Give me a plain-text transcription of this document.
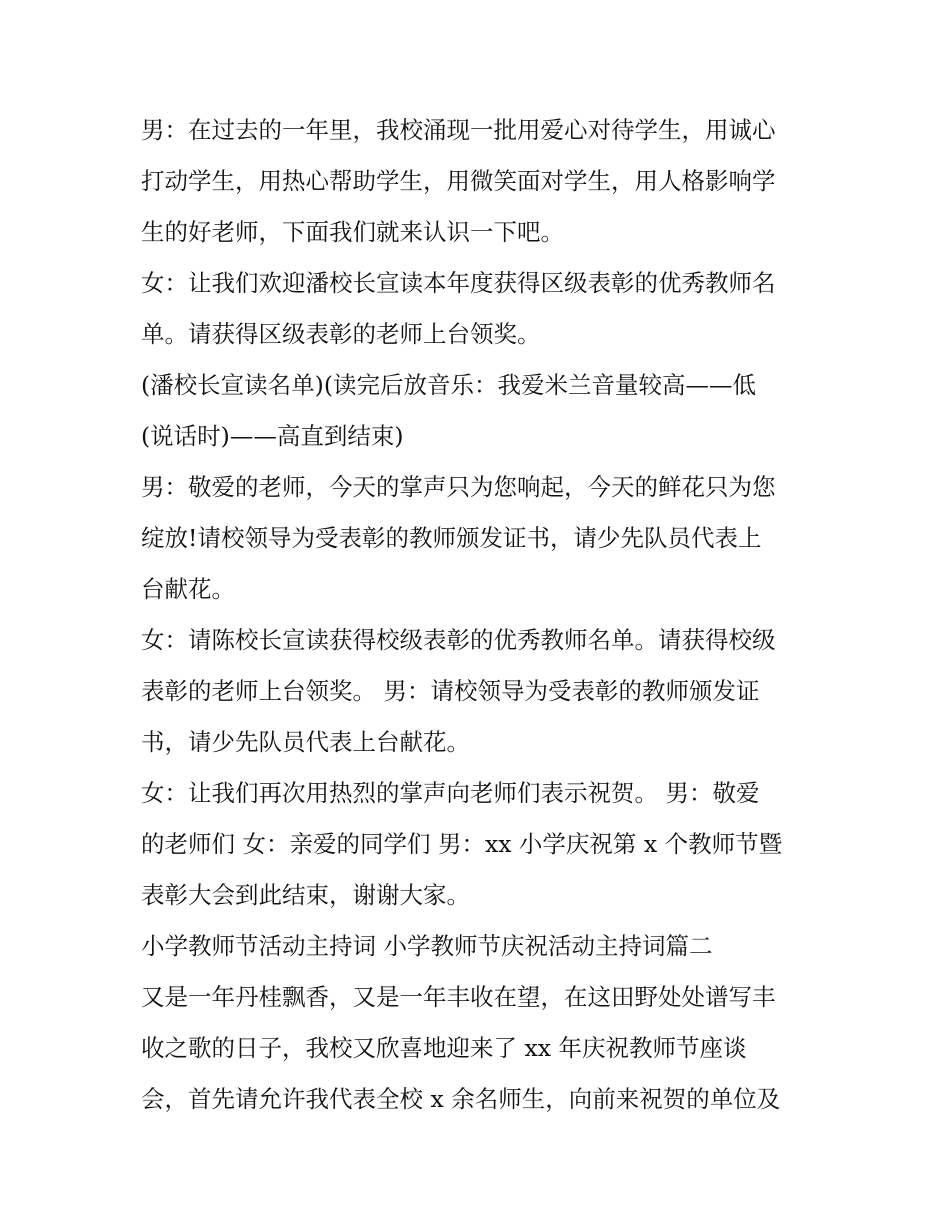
男：在过去的一年里，我校涌现一批用爱心对待学生，用诚心
打动学生，用热心帮助学生，用微笑面对学生，用人格影响学
生的好老师，下面我们就来认识一下吧。
女：让我们欢迎潘校长宣读本年度获得区级表彰的优秀教师名
单。请获得区级表彰的老师上台领奖。
(潘校长宣读名单)(读完后放音乐：我爱米兰音量较高——低
(说话时)——高直到结束)
男：敬爱的老师，今天的掌声只为您响起，今天的鲜花只为您
绽放!请校领导为受表彰的教师颁发证书，请少先队员代表上
台献花。
女：请陈校长宣读获得校级表彰的优秀教师名单。请获得校级
表彰的老师上台领奖。 男：请校领导为受表彰的教师颁发证
书，请少先队员代表上台献花。
女：让我们再次用热烈的掌声向老师们表示祝贺。 男：敬爱
的老师们 女：亲爱的同学们 男：xx 小学庆祝第 x 个教师节暨
表彰大会到此结束，谢谢大家。
小学教师节活动主持词 小学教师节庆祝活动主持词篇二
又是一年丹桂飘香，又是一年丰收在望，在这田野处处谱写丰
收之歌的日子，我校又欣喜地迎来了 xx 年庆祝教师节座谈
会，首先请允许我代表全校 x 余名师生，向前来祝贺的单位及
